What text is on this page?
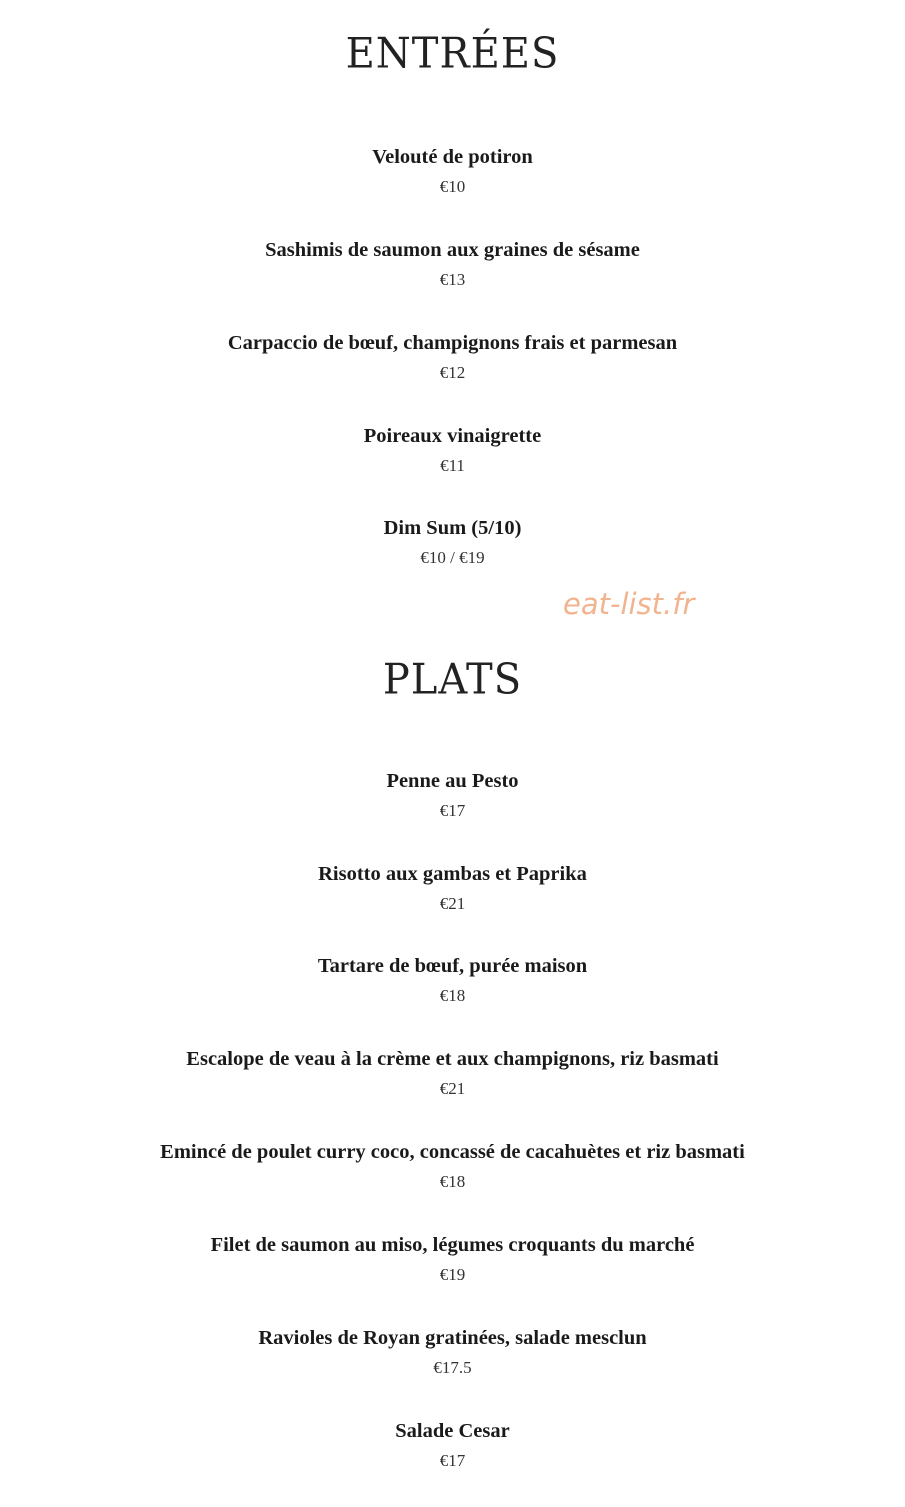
ENTRÉES
Velouté de potiron
€10
Sashimis de saumon aux graines de sésame
€13
Carpaccio de bœuf, champignons frais et parmesan
€12
Poireaux vinaigrette
€11
Dim Sum (5/10)
€10 / €19
eat-list.fr
PLATS
Penne au Pesto
€17
Risotto aux gambas et Paprika
€21
Tartare de bœuf, purée maison
€18
Escalope de veau à la crème et aux champignons, riz basmati
€21
Emincé de poulet curry coco, concassé de cacahuètes et riz basmati
€18
Filet de saumon au miso, légumes croquants du marché
€19
Ravioles de Royan gratinées, salade mesclun
€17.5
Salade Cesar
€17
